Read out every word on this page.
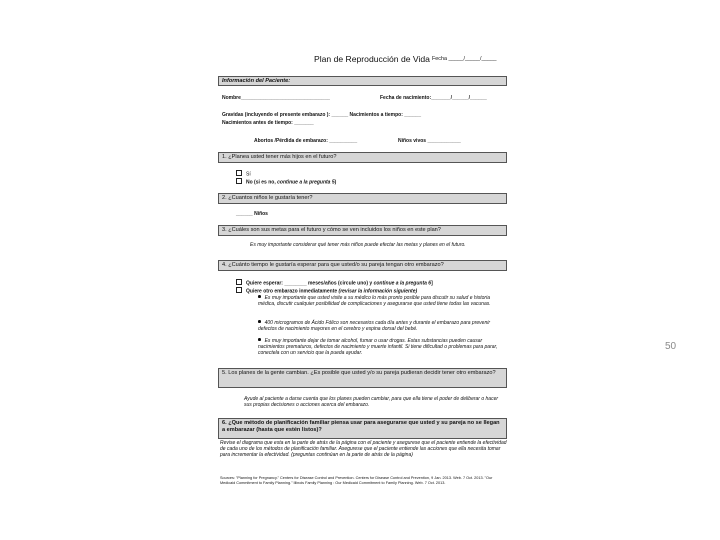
Plan de Reproducción de Vida Fecha _____/_____/_____
Información del Paciente:
Nombre________________________________	Fecha de nacimiento:_______/______/______
Gravidas (incluyendo el presente embarazo ): ______ Nacimientos a tiempo: ______
Nacimientos antes de tiempo: _______
Abortos /Pérdida de embarazo: __________	Niños vivos ____________
1. ¿Planea usted tener más hijos en el futuro?
Sí
No (si es no, continue a la pregunta 5)
2. ¿Cuantos niños le gustaría tener?
______ Niños
3. ¿Cuáles son sus metas para el futuro y cómo se ven incluidos los niños en este plan?
Es muy importante considerar qué tener más niños puede efectar las metas y planes en el futuro.
4. ¿Cuánto tiempo le gustaría esperar para que usted/o su pareja tengan otro embarazo?
Quiere esperar: ________ meses/años (circule uno) y continue a la pregunta 6]
Quiere otro embarazo inmediatamente (revisar la información siguiente)
Es muy importante que usted visite a su médico lo más pronto posible para discutir su salud e historia médica, discutir cualquier posibilidad de complicaciones y asegurarse que usted tiene todas las vacunas.
400 microgramos de Ácido Fólico son necesarios cada día antes y durante el embarazo para prevenir defectos de nacimiento mayores en el cerebro y espina dorsal del bebé.
Es muy importante dejar de tomar alcohol, fumar o usar drogas. Estas substancias pueden causar nacimientos prematuros, defectos de nacimiento y muerte infantil. Si tiene dificultad o problemas para parar, conectela con un servicio que la pueda ayudar.
5. Los planes de la gente cambian. ¿Es posible que usted y/o su pareja pudieran decidir tener otro embarazo?
Ayude al paciente a darse cuenta que los planes pueden cambiar, para que ella tiene el poder de deliberar o hacer sus propias decisiones o acciones acerca del embarazo.
6. ¿Que método de planificación familiar piensa usar para asegurarse que usted y su pareja no se llegan a embarazar (hasta que estén listos)?
Revise el diagrama que esta en la parte de atrás de la página con el paciente y asegurese que el paciente entiende la efectividad de cada uno de los métodos de planificación familiar. Asegurese que el paciente entiende las acciones que ella necesita tomar para incrementar la efectividad. (preguntas continúan en la parte de atrás de la página)
Sources: "Planning for Pregnancy." Centers for Disease Control and Prevention. Centers for Disease Control and Prevention, 9 Jan. 2013. Web. 7 Oct. 2013. "Our Medicaid Commitment to Family Planning." Illinois Family Planning : Our Medicaid Commitment to Family Planning. Web. 7 Oct. 2013.
50
